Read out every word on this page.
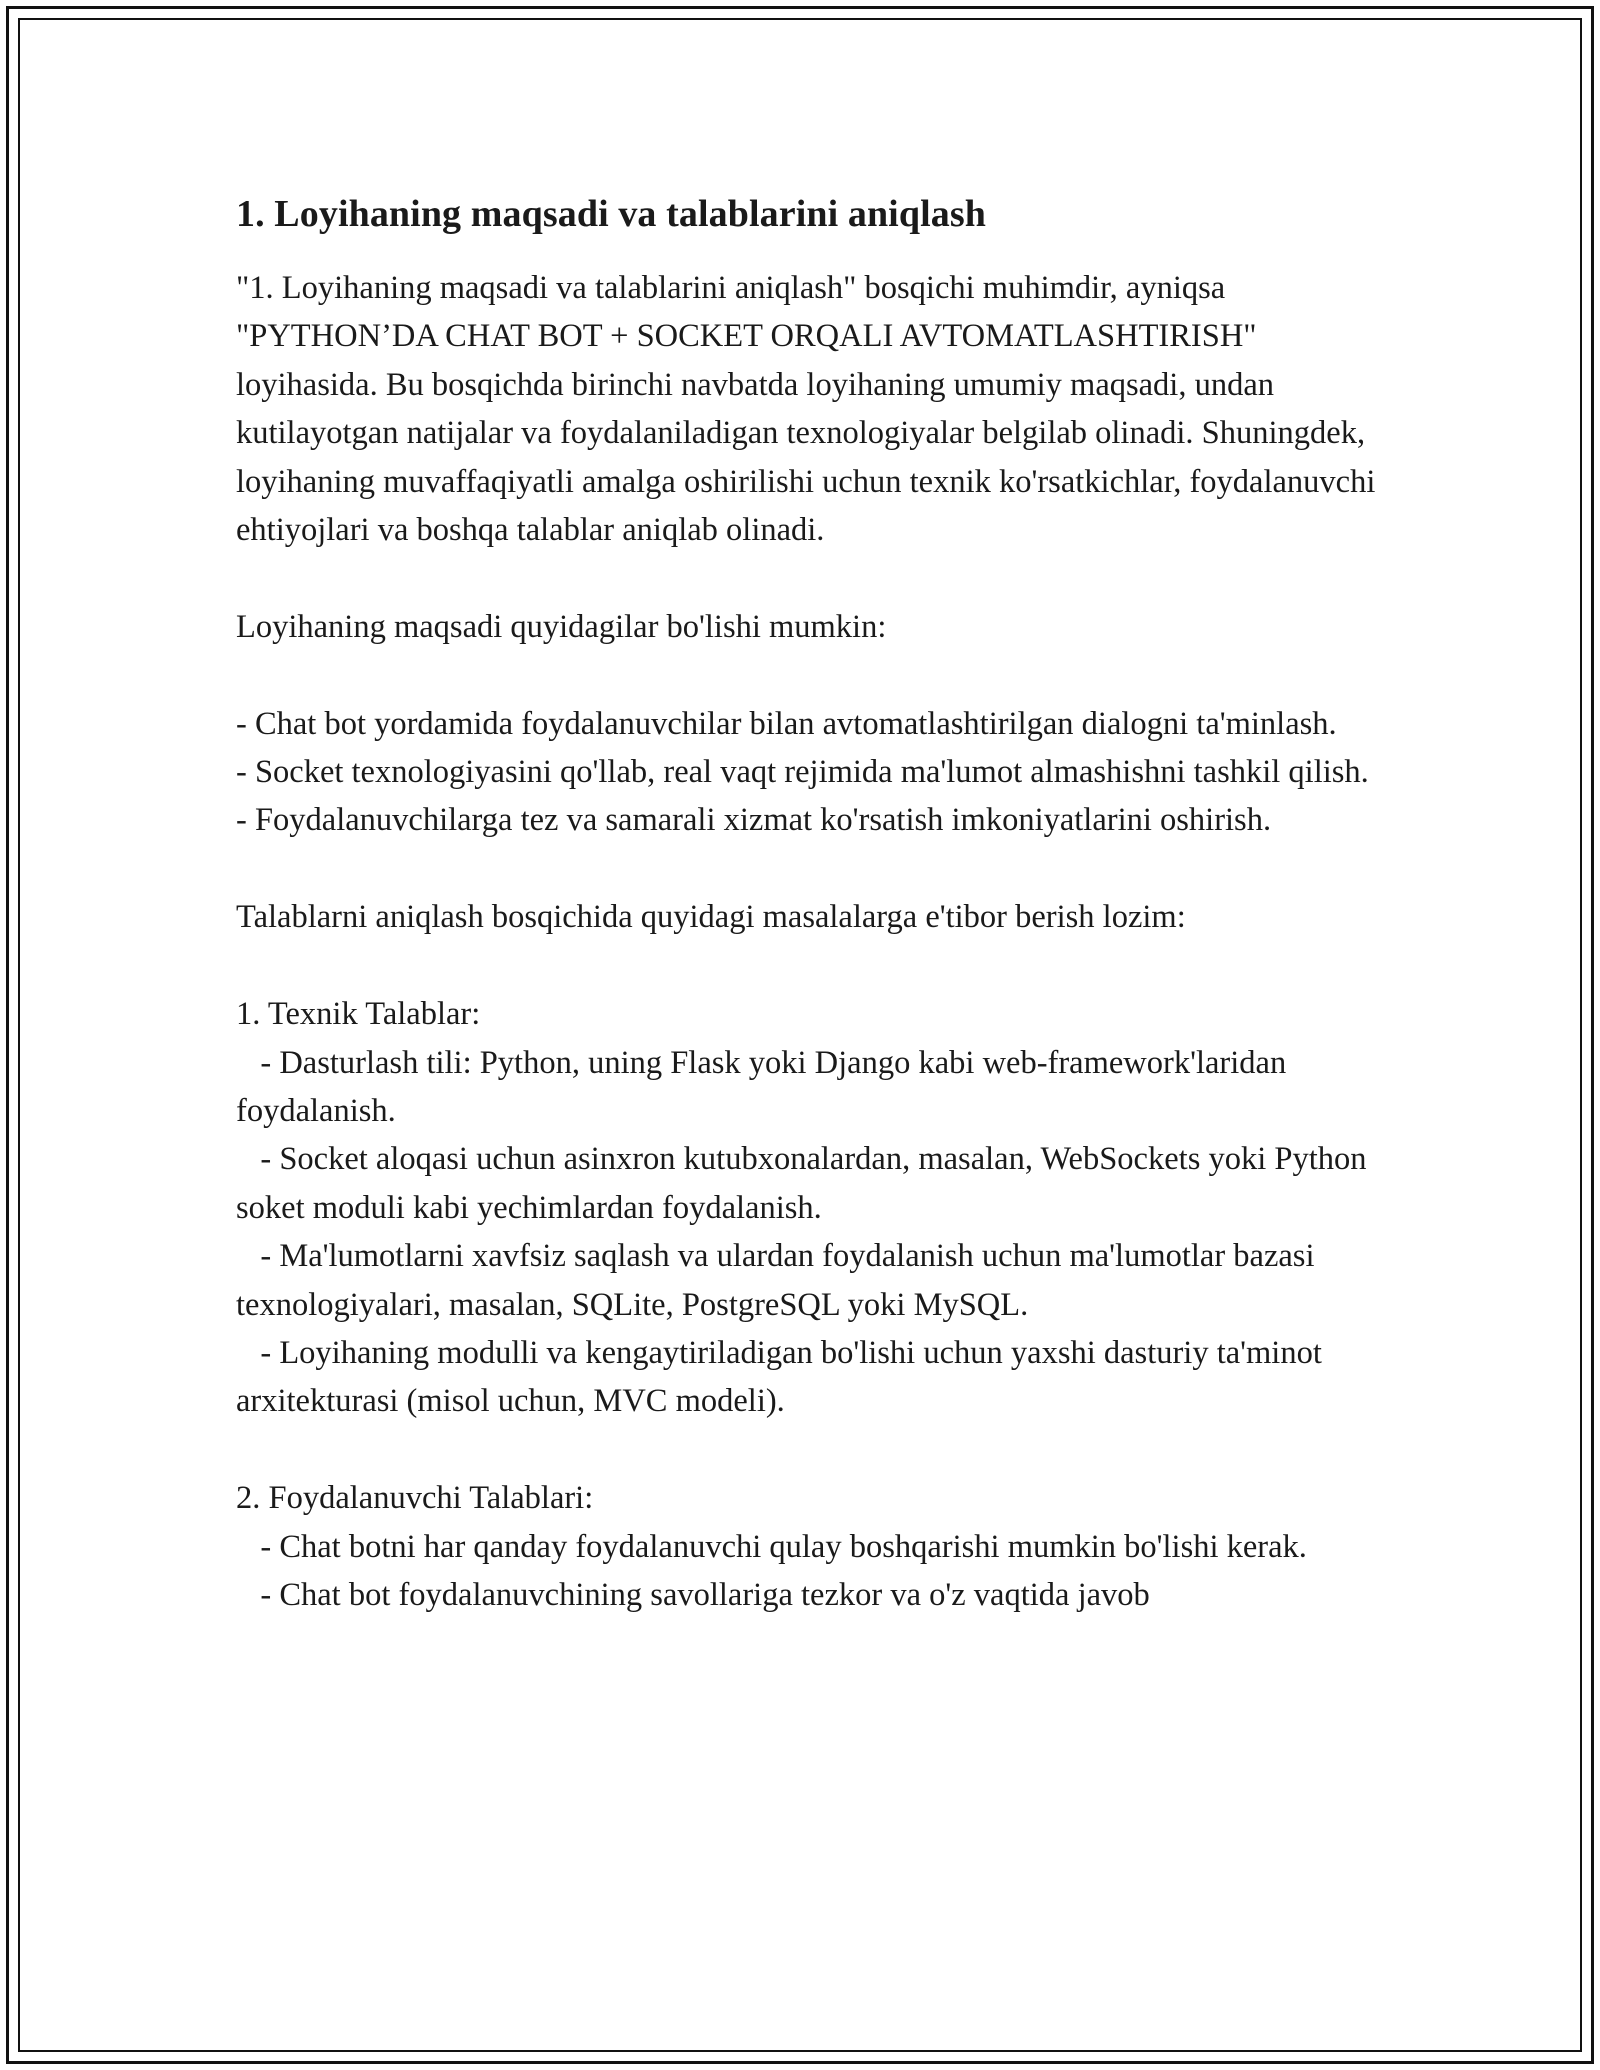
1. Loyihaning maqsadi va talablarini aniqlash

"1. Loyihaning maqsadi va talablarini aniqlash" bosqichi muhimdir, ayniqsa "PYTHON’DA CHAT BOT + SOCKET ORQALI AVTOMATLASHTIRISH" loyihasida. Bu bosqichda birinchi navbatda loyihaning umumiy maqsadi, undan kutilayotgan natijalar va foydalaniladigan texnologiyalar belgilab olinadi. Shuningdek, loyihaning muvaffaqiyatli amalga oshirilishi uchun texnik ko'rsatkichlar, foydalanuvchi ehtiyojlari va boshqa talablar aniqlab olinadi.

Loyihaning maqsadi quyidagilar bo'lishi mumkin:

- Chat bot yordamida foydalanuvchilar bilan avtomatlashtirilgan dialogni ta'minlash.

- Socket texnologiyasini qo'llab, real vaqt rejimida ma'lumot almashishni tashkil qilish.

- Foydalanuvchilarga tez va samarali xizmat ko'rsatish imkoniyatlarini oshirish.

Talablarni aniqlash bosqichida quyidagi masalalarga e'tibor berish lozim:

1. Texnik Talablar:

- Dasturlash tili: Python, uning Flask yoki Django kabi web-framework'laridan foydalanish.

- Socket aloqasi uchun asinxron kutubxonalardan, masalan, WebSockets yoki Python soket moduli kabi yechimlardan foydalanish.

- Ma'lumotlarni xavfsiz saqlash va ulardan foydalanish uchun ma'lumotlar bazasi texnologiyalari, masalan, SQLite, PostgreSQL yoki MySQL.

- Loyihaning modulli va kengaytiriladigan bo'lishi uchun yaxshi dasturiy ta'minot arxitekturasi (misol uchun, MVC modeli).

2. Foydalanuvchi Talablari:

- Chat botni har qanday foydalanuvchi qulay boshqarishi mumkin bo'lishi kerak.

- Chat bot foydalanuvchining savollariga tezkor va o'z vaqtida javob
